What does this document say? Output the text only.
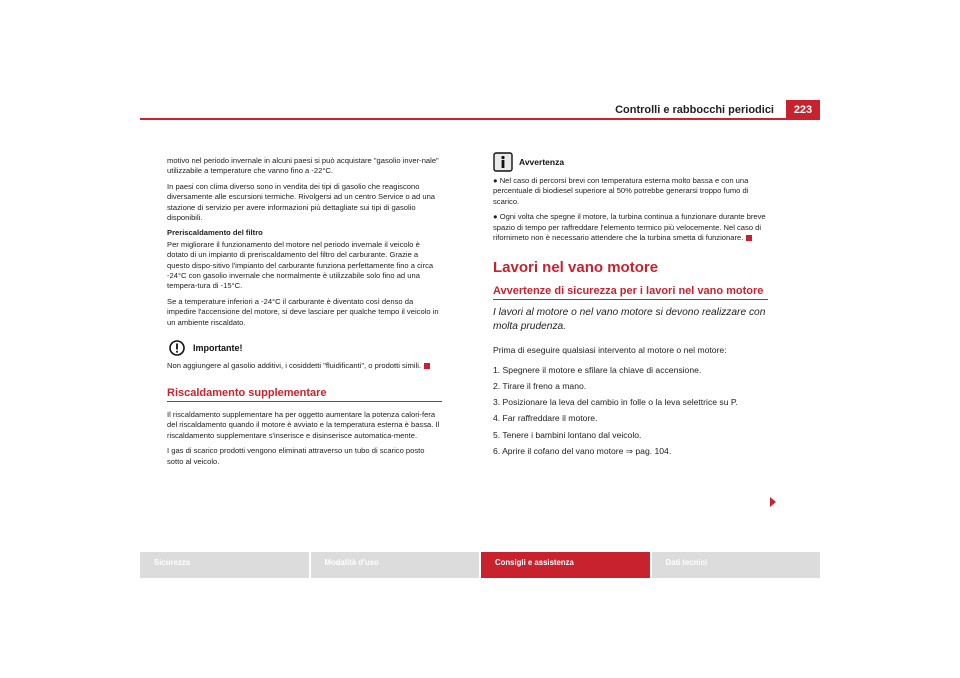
Controlli e rabbocchi periodici	223

motivo nel periodo invernale in alcuni paesi si può acquistare "gasolio inver-nale" utilizzabile a temperature che vanno fino a -22°C.

In paesi con clima diverso sono in vendita dei tipi di gasolio che reagiscono diversamente alle escursioni termiche. Rivolgersi ad un centro Service o ad una stazione di servizio per avere informazioni più dettagliate sui tipi di gasolio disponibili.

Preriscaldamento del filtro

Per migliorare il funzionamento del motore nel periodo invernale il veicolo è dotato di un impianto di preriscaldamento del filtro del carburante. Grazie a questo dispo-sitivo l'impianto del carburante funziona perfettamente fino a circa -24°C con gasolio invernale che normalmente è utilizzabile solo fino ad una tempera-tura di -15°C.

Se a temperature inferiori a -24°C il carburante è diventato così denso da impedire l'accensione del motore, si deve lasciare per qualche tempo il veicolo in un ambiente riscaldato.

Importante!

Non aggiungere al gasolio additivi, i cosiddetti "fluidificanti", o prodotti simili.

Riscaldamento supplementare

Il riscaldamento supplementare ha per oggetto aumentare la potenza calori-fera del riscaldamento quando il motore è avviato e la temperatura esterna è bassa. Il riscaldamento supplementare s'inserisce e disinserisce automatica-mente.

I gas di scarico prodotti vengono eliminati attraverso un tubo di scarico posto sotto al veicolo.

Avvertenza

● Nel caso di percorsi brevi con temperatura esterna molto bassa e con una percentuale di biodiesel superiore al 50% potrebbe generarsi troppo fumo di scarico.

● Ogni volta che spegne il motore, la turbina continua a funzionare durante breve spazio di tempo per raffreddare l'elemento termico più velocemente. Nel caso di rifornimeto non è necessario attendere che la turbina smetta di funzionare.

Lavori nel vano motore
Avvertenze di sicurezza per i lavori nel vano motore
I lavori al motore o nel vano motore si devono realizzare con molta prudenza.
Prima di eseguire qualsiasi intervento al motore o nel motore:
1. Spegnere il motore e sfilare la chiave di accensione.
2. Tirare il freno a mano.
3. Posizionare la leva del cambio in folle o la leva selettrice su P.
4. Far raffreddare il motore.
5. Tenere i bambini lontano dal veicolo.
6. Aprire il cofano del vano motore ⇒ pag. 104.
Sicurezza	Modalità d'uso	Consigli e assistenza	Dati tecnici
